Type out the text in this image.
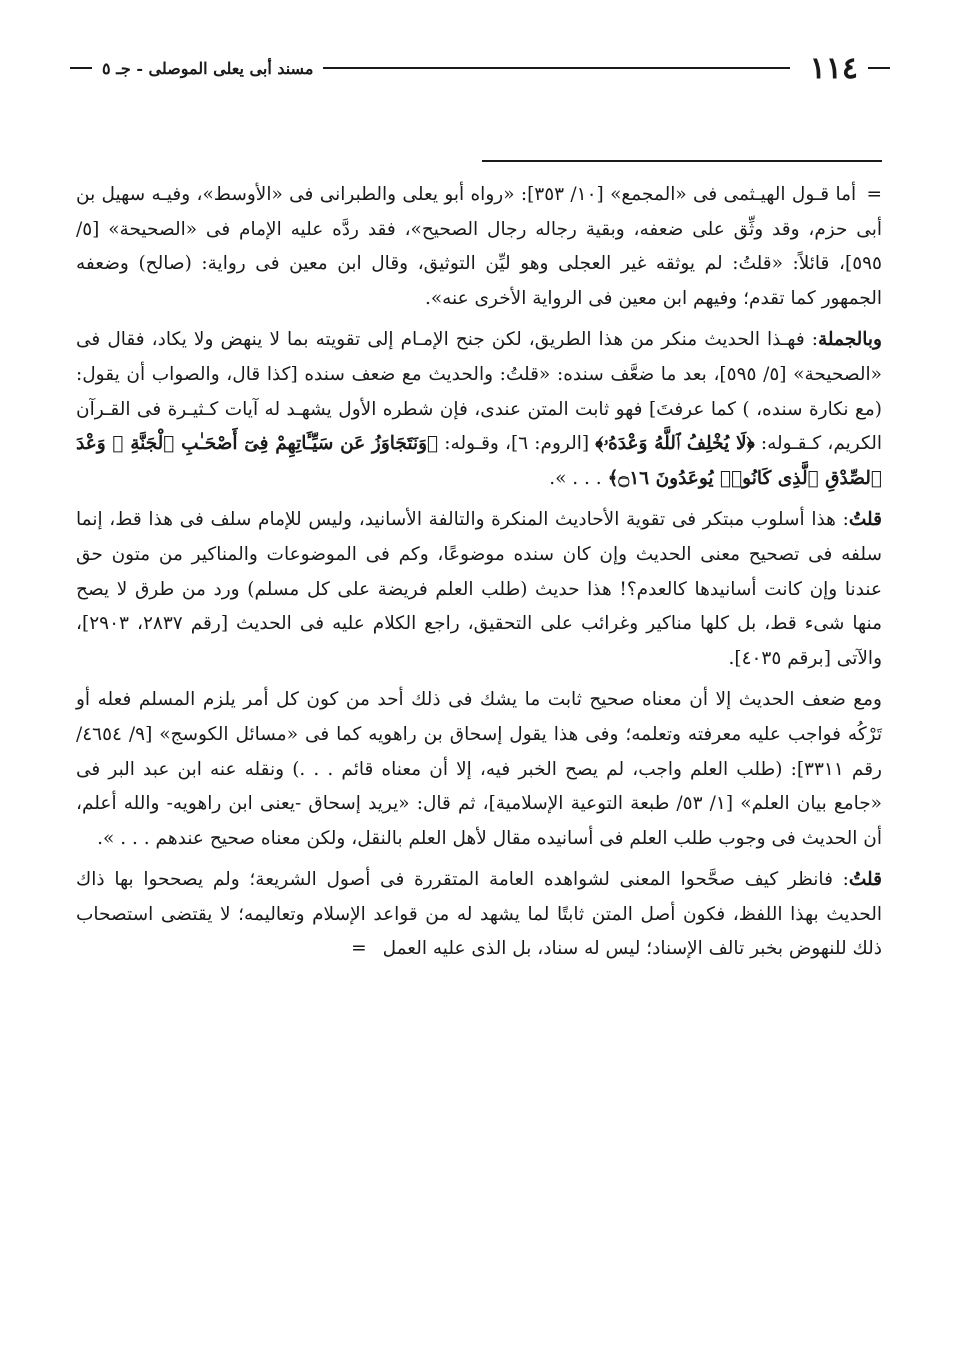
١١٤
مسند أبى يعلى الموصلى - جـ ٥

= أما قـول الهيـثمى فى «المجمع» [١٠/ ٣٥٣]: «رواه أبو يعلى والطبرانى فى «الأوسط»، وفيـه سهيل بن أبى حزم، وقد وثِّق على ضعفه، وبقية رجاله رجال الصحيح»، فقد ردَّه عليه الإمام فى «الصحيحة» [٥/ ٥٩٥]، قائلاً: «قلتُ: لم يوثقه غير العجلى وهو ليِّن التوثيق، وقال ابن معين فى رواية: (صالح) وضعفه الجمهور كما تقدم؛ وفيهم ابن معين فى الرواية الأخرى عنه».

وبالجملة: فهـذا الحديث منكر من هذا الطريق، لكن جنح الإمـام إلى تقويته بما لا ينهض ولا يكاد، فقال فى «الصحيحة» [٥/ ٥٩٥]، بعد ما ضعَّف سنده: «قلتُ: والحديث مع ضعف سنده [كذا قال، والصواب أن يقول: (مع نكارة سنده، ) كما عرفتَ] فهو ثابت المتن عندى، فإن شطره الأول يشهـد له آيات كـثيـرة فى القـرآن الكريم، كـقـوله: ﴿لَا يُخْلِفُ ٱللَّهُ وَعْدَهُۥ﴾ [الروم: ٦]، وقـوله: ﴿وَنَتَجَاوَزُ عَن سَيِّـَٔاتِهِمْ فِىٓ أَصْحَـٰبِ ٱلْجَنَّةِ ۖ وَعْدَ ٱلصِّدْقِ ٱلَّذِى كَانُوا۟ يُوعَدُونَ ۝١٦﴾ . . . ».

قلتُ: هذا أسلوب مبتكر فى تقوية الأحاديث المنكرة والتالفة الأسانيد، وليس للإمام سلف فى هذا قط، إنما سلفه فى تصحيح معنى الحديث وإن كان سنده موضوعًا، وكم فى الموضوعات والمناكير من متون حق عندنا وإن كانت أسانيدها كالعدم؟! هذا حديث (طلب العلم فريضة على كل مسلم) ورد من طرق لا يصح منها شىء قط، بل كلها مناكير وغرائب على التحقيق، راجع الكلام عليه فى الحديث [رقم ٢٨٣٧، ٢٩٠٣]، والآتى [برقم ٤٠٣٥].

ومع ضعف الحديث إلا أن معناه صحيح ثابت ما يشك فى ذلك أحد من كون كل أمر يلزم المسلم فعله أو تَرْكُه فواجب عليه معرفته وتعلمه؛ وفى هذا يقول إسحاق بن راهويه كما فى «مسائل الكوسج» [٩/ ٤٦٥٤/ رقم ٣٣١١]: (طلب العلم واجب، لم يصح الخبر فيه، إلا أن معناه قائم . . .) ونقله عنه ابن عبد البر فى «جامع بيان العلم» [١/ ٥٣/ طبعة التوعية الإسلامية]، ثم قال: «يريد إسحاق -يعنى ابن راهويه- والله أعلم، أن الحديث فى وجوب طلب العلم فى أسانيده مقال لأهل العلم بالنقل، ولكن معناه صحيح عندهم . . . ».

قلتُ: فانظر كيف صحَّحوا المعنى لشواهده العامة المتقررة فى أصول الشريعة؛ ولم يصححوا بها ذاك الحديث بهذا اللفظ، فكون أصل المتن ثابتًا لما يشهد له من قواعد الإسلام وتعاليمه؛ لا يقتضى استصحاب ذلك للنهوض بخبر تالف الإسناد؛ ليس له سناد، بل الذى عليه العمل=
